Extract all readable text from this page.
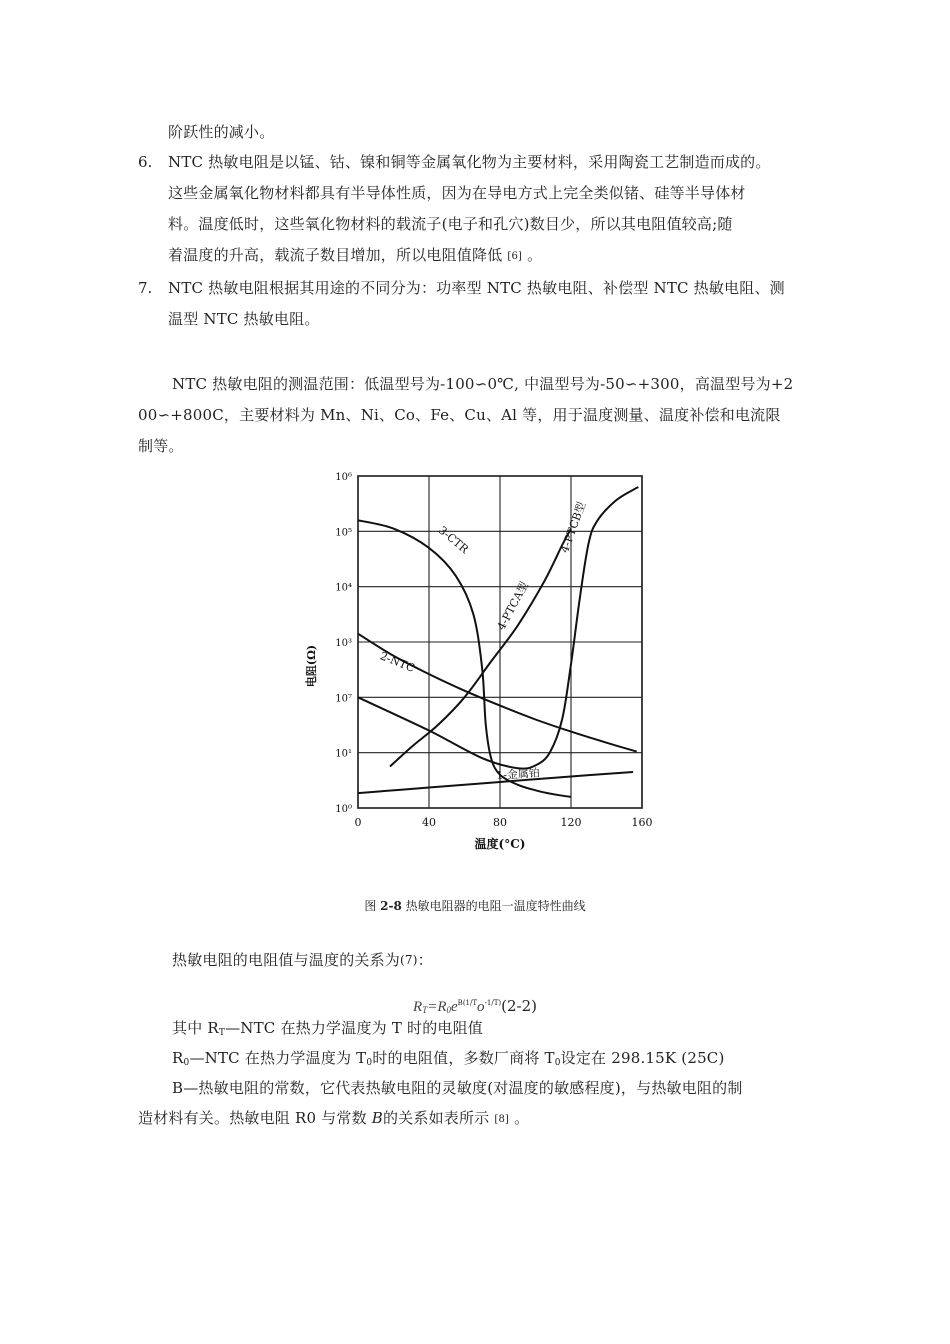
阶跃性的减小。
6. NTC 热敏电阻是以锰、钴、镍和铜等金属氧化物为主要材料，采用陶瓷工艺制造而成的。
这些金属氧化物材料都具有半导体性质，因为在导电方式上完全类似锗、硅等半导体材
料。温度低时，这些氧化物材料的载流子(电子和孔穴)数目少，所以其电阻值较高;随
着温度的升高，载流子数目增加，所以电阻值降低 [6] 。
7. NTC 热敏电阻根据其用途的不同分为：功率型 NTC 热敏电阻、补偿型 NTC 热敏电阻、测
温型 NTC 热敏电阻。
NTC 热敏电阻的测温范围：低温型号为-100∽0℃, 中温型号为-50∽+300，高温型号为+2
00∽+800C，主要材料为 Mn、Ni、Co、Fe、Cu、Al 等，用于温度测量、温度补偿和电流限
制等。
0	40	80	120	160
10⁰
10¹
10⁷
10³
10⁴
10⁵
10⁶
1-金属铂
2-NTC
3-CTR
4-PTCA型
4-PTCB型
温度(°C)
电阻(Ω)
图 2-8 热敏电阻器的电阻一温度特性曲线
热敏电阻的电阻值与温度的关系为(7)：
$R_T=R_0e^{B(1/T}o^{-1/T)}(2-2)$
其中 $R_T—NTC$ 在热力学温度为 T 时的电阻值
$R_0—NTC$ 在热力学温度为 $T_0$时的电阻值，多数厂商将 $T_0$设定在 298.15K (25C)
B—热敏电阻的常数，它代表热敏电阻的灵敏度(对温度的敏感程度)，与热敏电阻的制
造材料有关。热敏电阻 R0 与常数 B的关系如表所示 [8] 。
